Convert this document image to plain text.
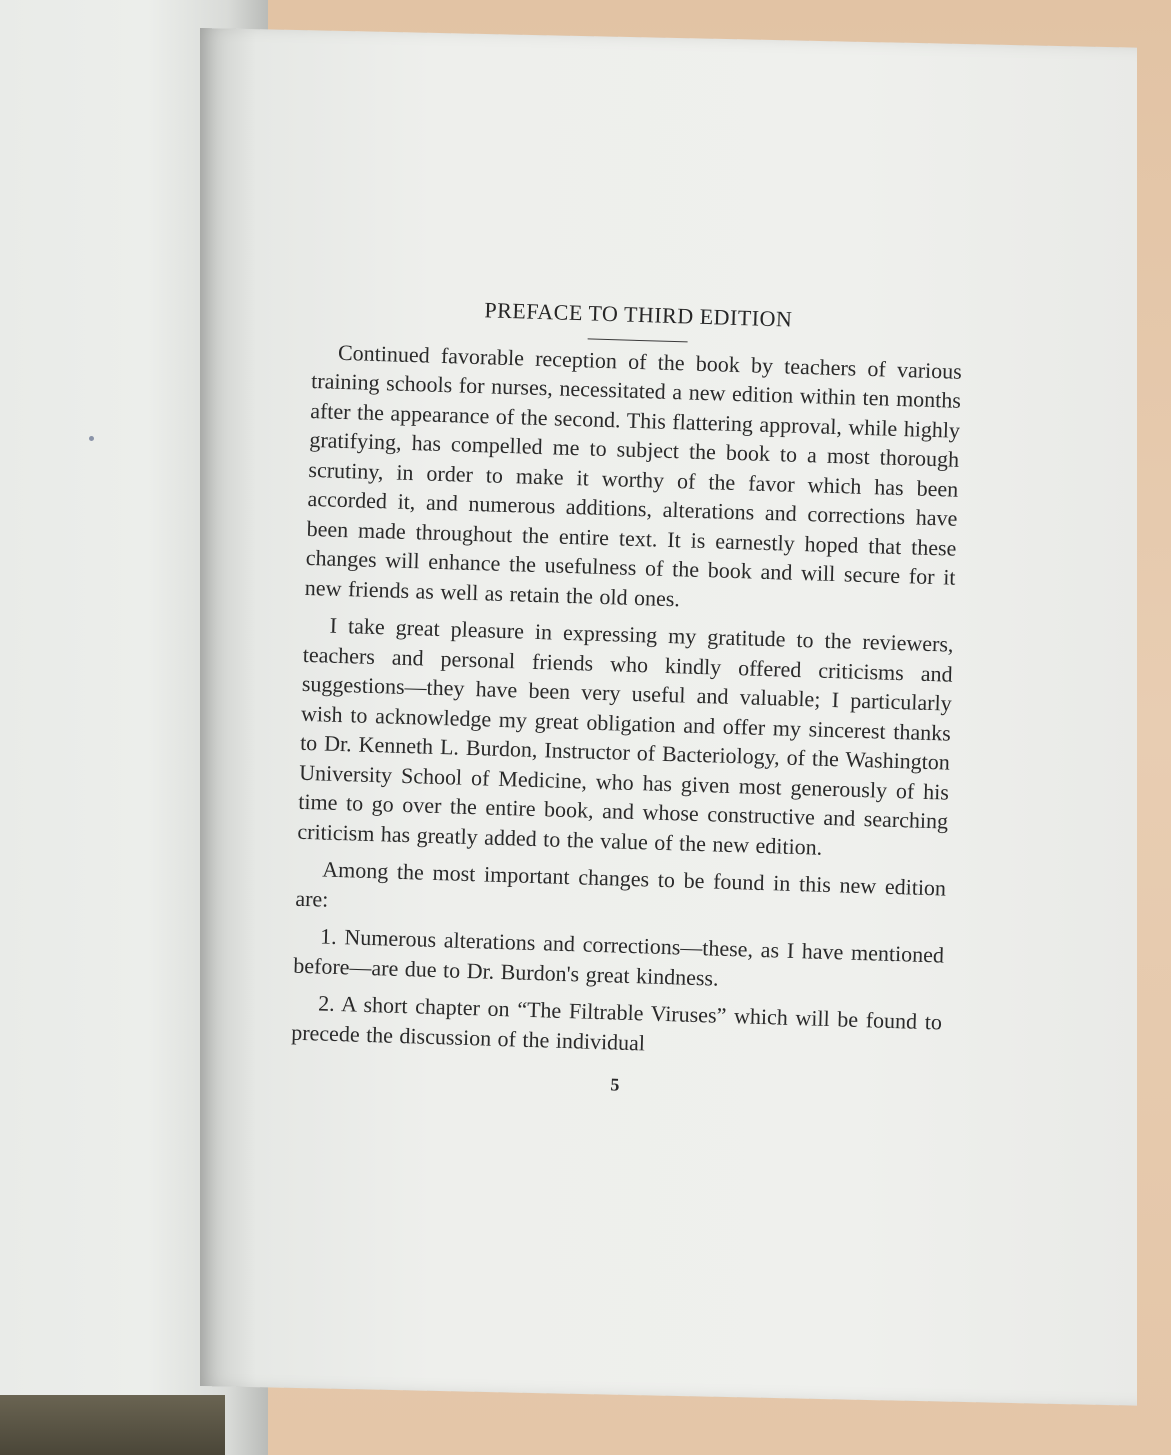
PREFACE TO THIRD EDITION

Continued favorable reception of the book by teachers of various training schools for nurses, necessitated a new edition within ten months after the appearance of the second. This flattering approval, while highly gratifying, has compelled me to subject the book to a most thorough scrutiny, in order to make it worthy of the favor which has been accorded it, and numerous additions, alterations and corrections have been made throughout the entire text. It is earnestly hoped that these changes will enhance the usefulness of the book and will secure for it new friends as well as retain the old ones.

I take great pleasure in expressing my gratitude to the reviewers, teachers and personal friends who kindly offered criticisms and suggestions—they have been very useful and valuable; I particularly wish to acknowledge my great obligation and offer my sincerest thanks to Dr. Kenneth L. Burdon, Instructor of Bacteriology, of the Washington University School of Medicine, who has given most generously of his time to go over the entire book, and whose constructive and searching criticism has greatly added to the value of the new edition.

Among the most important changes to be found in this new edition are:

1. Numerous alterations and corrections—these, as I have mentioned before—are due to Dr. Burdon's great kindness.

2. A short chapter on “The Filtrable Viruses” which will be found to precede the discussion of the individual

5
